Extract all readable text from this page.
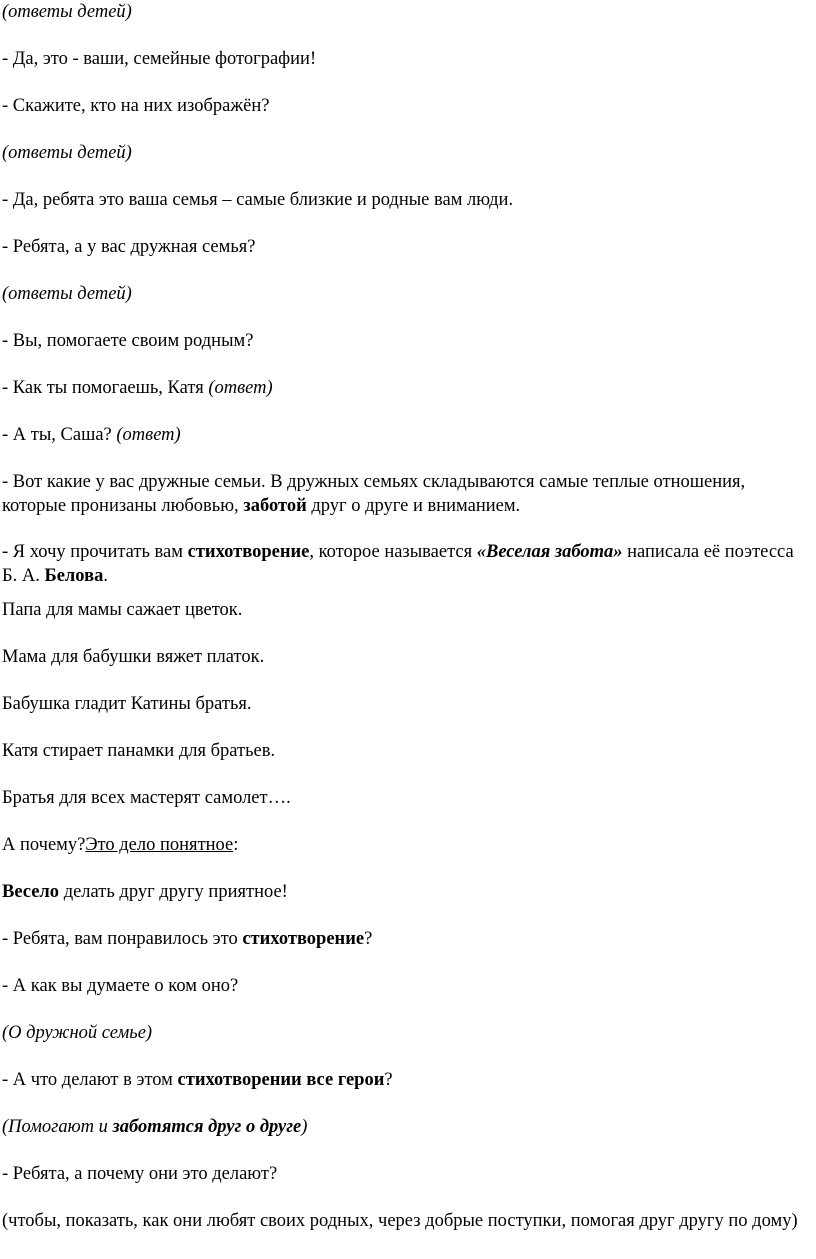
(ответы детей)

- Да, это - ваши, семейные фотографии!

- Скажите, кто на них изображён?

(ответы детей)

- Да, ребята это ваша семья – самые близкие и родные вам люди.

- Ребята, а у вас дружная семья?

(ответы детей)

- Вы, помогаете своим родным?

- Как ты помогаешь, Катя (ответ)

- А ты, Саша? (ответ)

- Вот какие у вас дружные семьи. В дружных семьях складываются самые теплые отношения, которые пронизаны любовью, заботой друг о друге и вниманием.

- Я хочу прочитать вам стихотворение, которое называется «Веселая забота» написала её поэтесса Б. А. Белова.

Папа для мамы сажает цветок.

Мама для бабушки вяжет платок.

Бабушка гладит Катины братья.

Катя стирает панамки для братьев.

Братья для всех мастерят самолет….

А почему?Это дело понятное:

Весело делать друг другу приятное!

- Ребята, вам понравилось это стихотворение?

- А как вы думаете о ком оно?

(О дружной семье)

- А что делают в этом стихотворении все герои?

(Помогают и заботятся друг о друге)

- Ребята, а почему они это делают?

(чтобы, показать, как они любят своих родных, через добрые поступки, помогая друг другу по дому)
